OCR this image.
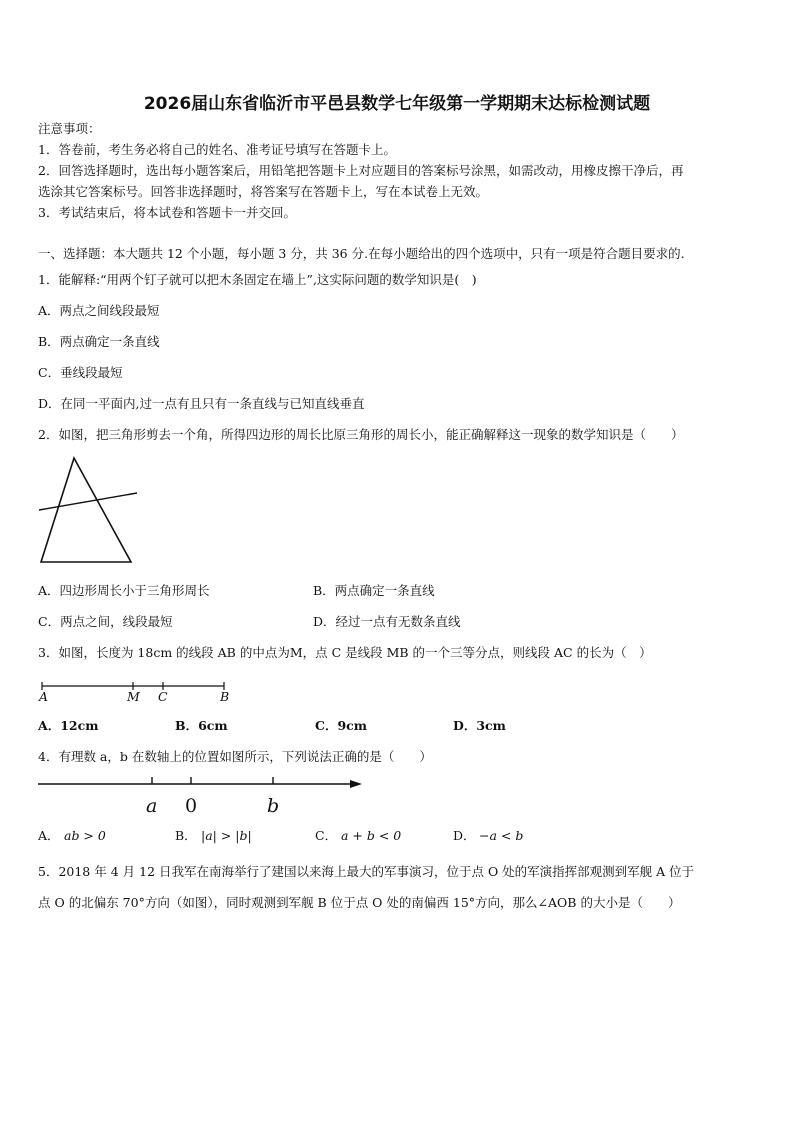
2026届山东省临沂市平邑县数学七年级第一学期期末达标检测试题
注意事项：
1．答卷前，考生务必将自己的姓名、准考证号填写在答题卡上。
2．回答选择题时，选出每小题答案后，用铅笔把答题卡上对应题目的答案标号涂黑，如需改动，用橡皮擦干净后，再
选涂其它答案标号。回答非选择题时，将答案写在答题卡上，写在本试卷上无效。
3．考试结束后，将本试卷和答题卡一并交回。
一、选择题：本大题共 12 个小题，每小题 3 分，共 36 分.在每小题给出的四个选项中，只有一项是符合题目要求的.
1．能解释:“用两个钉子就可以把木条固定在墙上”,这实际问题的数学知识是(　)
A．两点之间线段最短
B．两点确定一条直线
C．垂线段最短
D．在同一平面内,过一点有且只有一条直线与已知直线垂直
2．如图，把三角形剪去一个角，所得四边形的周长比原三角形的周长小，能正确解释这一现象的数学知识是（　　）
A．四边形周长小于三角形周长	B．两点确定一条直线
C．两点之间，线段最短	D．经过一点有无数条直线
3．如图，长度为 18cm 的线段 AB 的中点为M，点 C 是线段 MB 的一个三等分点，则线段 AC 的长为（　）
A	M C	B
A．12cm	B．6cm	C．9cm	D．3cm
4．有理数 a，b 在数轴上的位置如图所示，下列说法正确的是（　　）
a 0	b
A． ab > 0	B． |a| > |b|	C． a + b < 0	D． −a < b
5．2018 年 4 月 12 日我军在南海举行了建国以来海上最大的军事演习，位于点 O 处的军演指挥部观测到军舰 A 位于
点 O 的北偏东 70°方向（如图），同时观测到军舰 B 位于点 O 处的南偏西 15°方向，那么∠AOB 的大小是（　　）
